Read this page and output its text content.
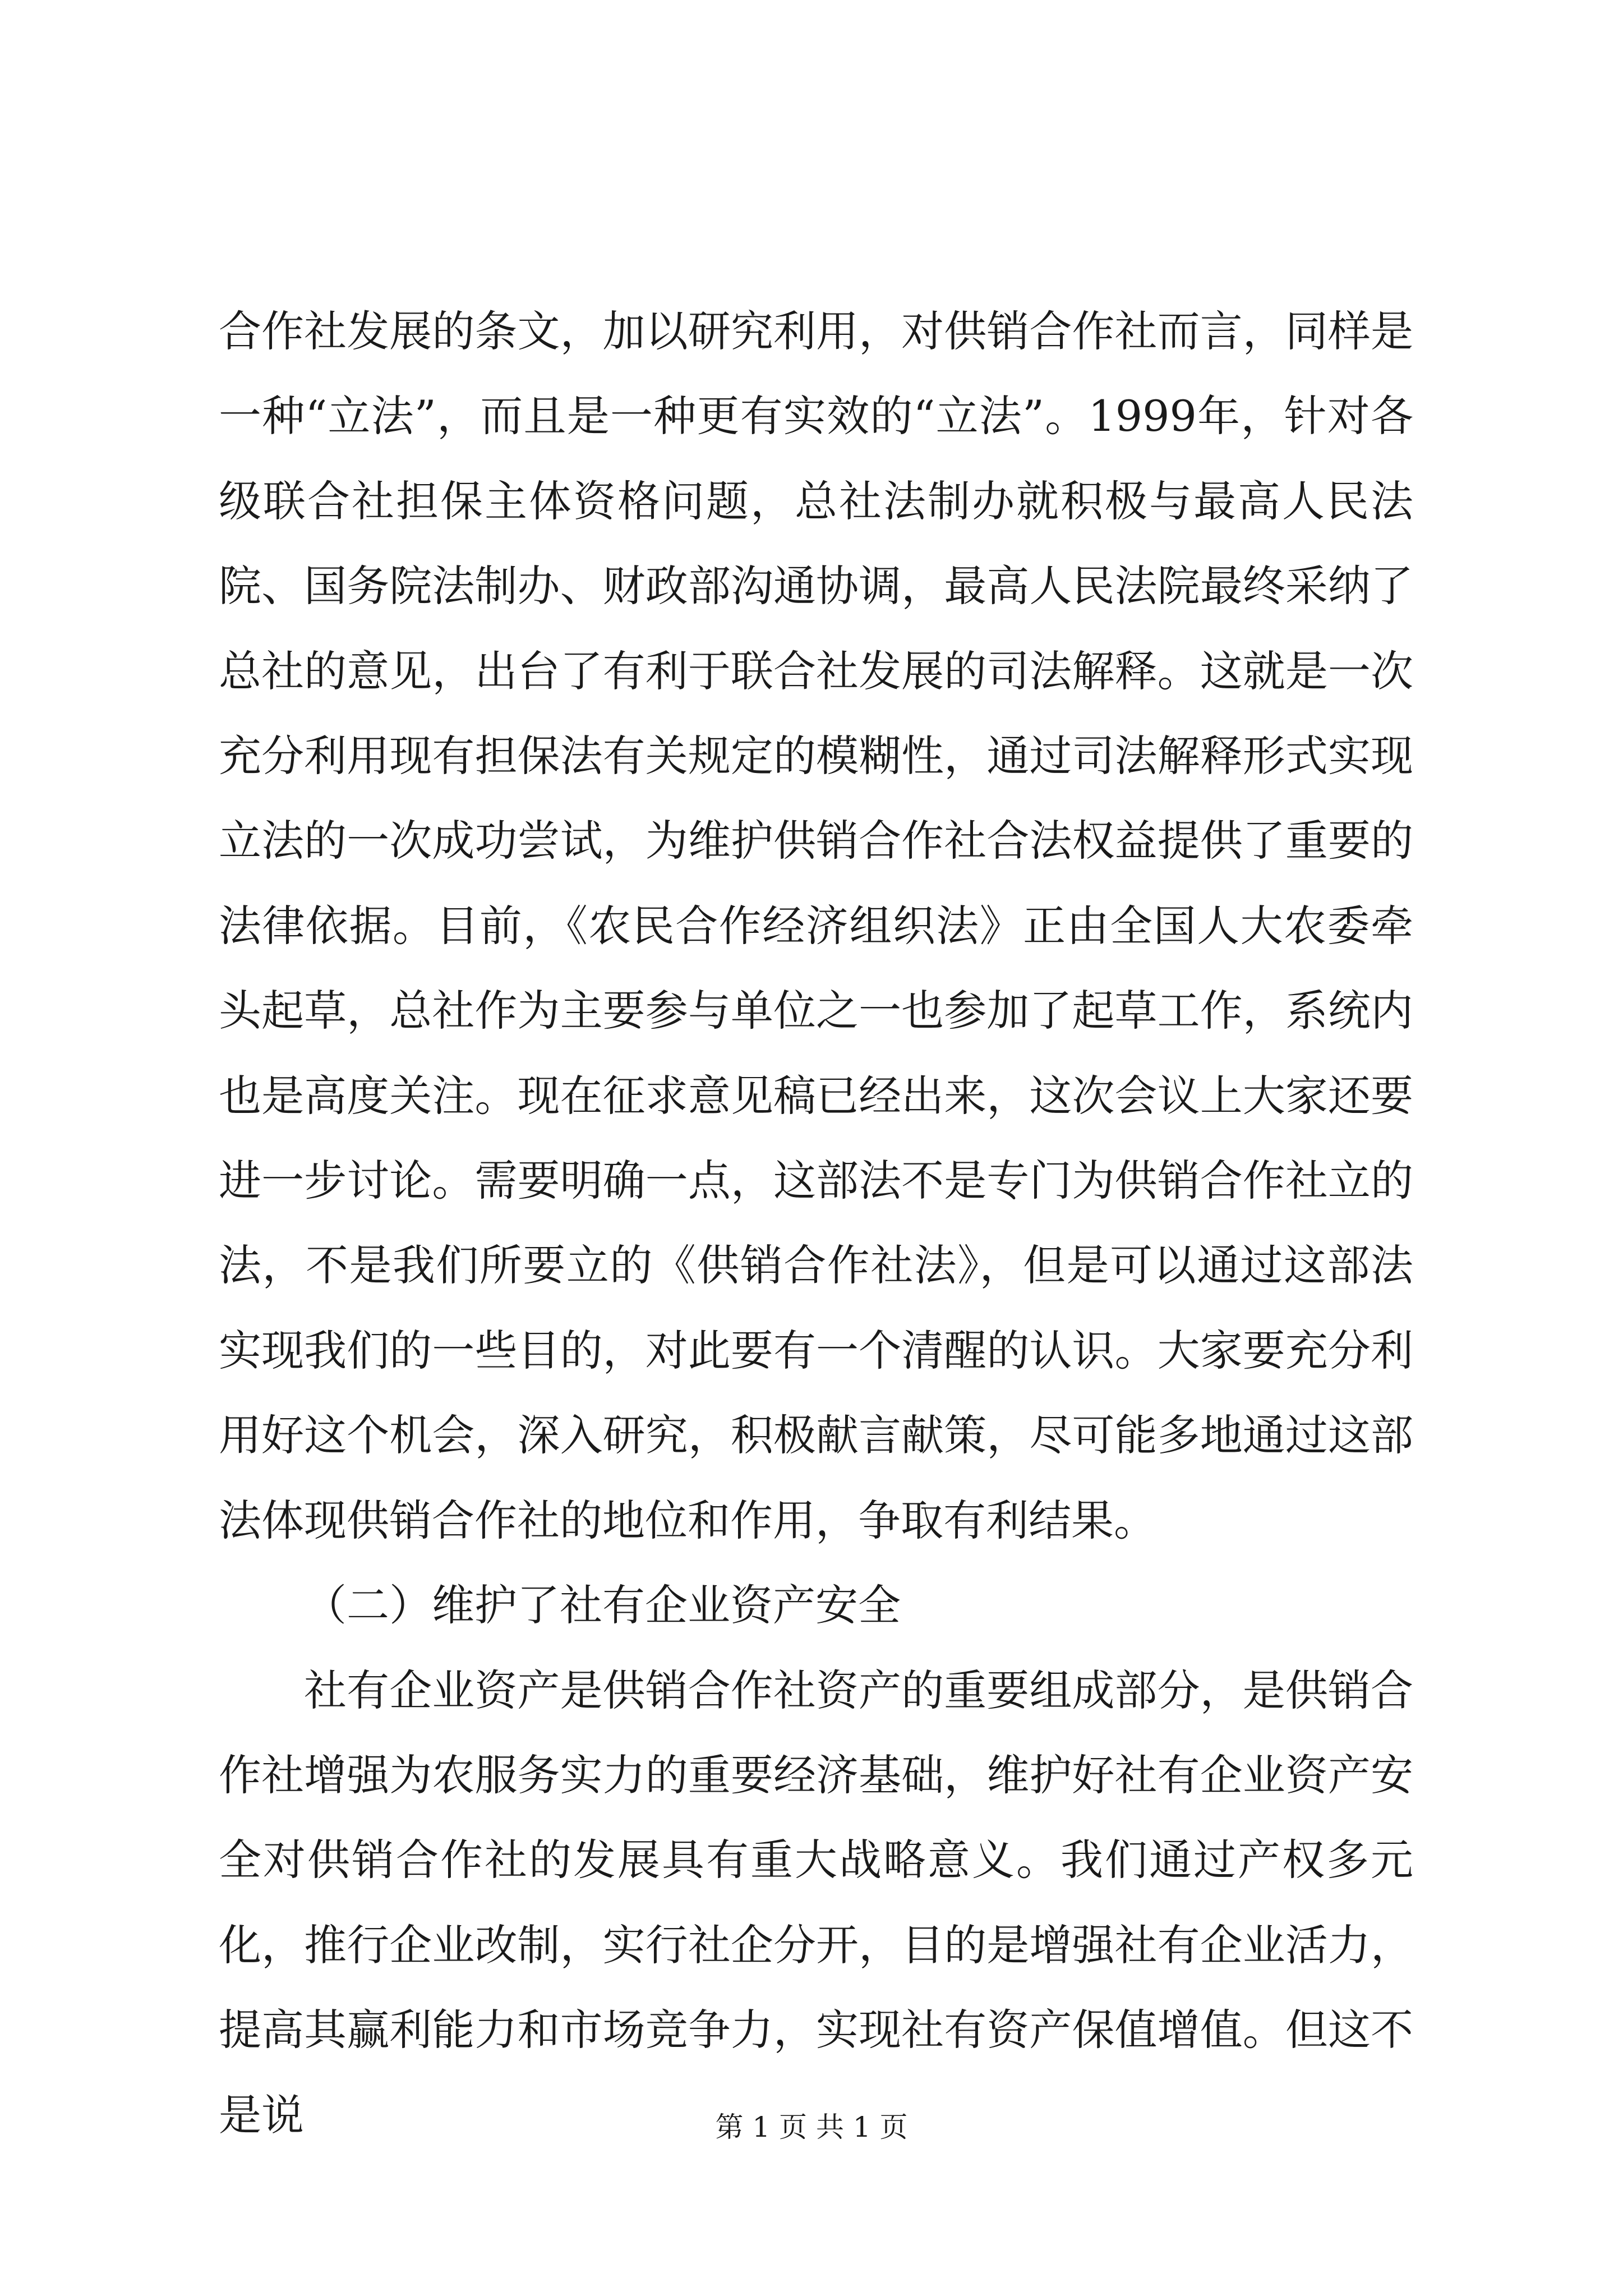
合作社发展的条文，加以研究利用，对供销合作社而言，同样是一种“立法”，而且是一种更有实效的“立法”。1999年，针对各级联合社担保主体资格问题，总社法制办就积极与最高人民法院、国务院法制办、财政部沟通协调，最高人民法院最终采纳了总社的意见，出台了有利于联合社发展的司法解释。这就是一次充分利用现有担保法有关规定的模糊性，通过司法解释形式实现立法的一次成功尝试，为维护供销合作社合法权益提供了重要的法律依据。目前，《农民合作经济组织法》正由全国人大农委牵头起草，总社作为主要参与单位之一也参加了起草工作，系统内也是高度关注。现在征求意见稿已经出来，这次会议上大家还要进一步讨论。需要明确一点，这部法不是专门为供销合作社立的法，不是我们所要立的《供销合作社法》，但是可以通过这部法实现我们的一些目的，对此要有一个清醒的认识。大家要充分利用好这个机会，深入研究，积极献言献策，尽可能多地通过这部法体现供销合作社的地位和作用，争取有利结果。

（二）维护了社有企业资产安全

社有企业资产是供销合作社资产的重要组成部分，是供销合作社增强为农服务实力的重要经济基础，维护好社有企业资产安全对供销合作社的发展具有重大战略意义。我们通过产权多元化，推行企业改制，实行社企分开，目的是增强社有企业活力，提高其赢利能力和市场竞争力，实现社有资产保值增值。但这不是说	第 1 页 共 1 页
